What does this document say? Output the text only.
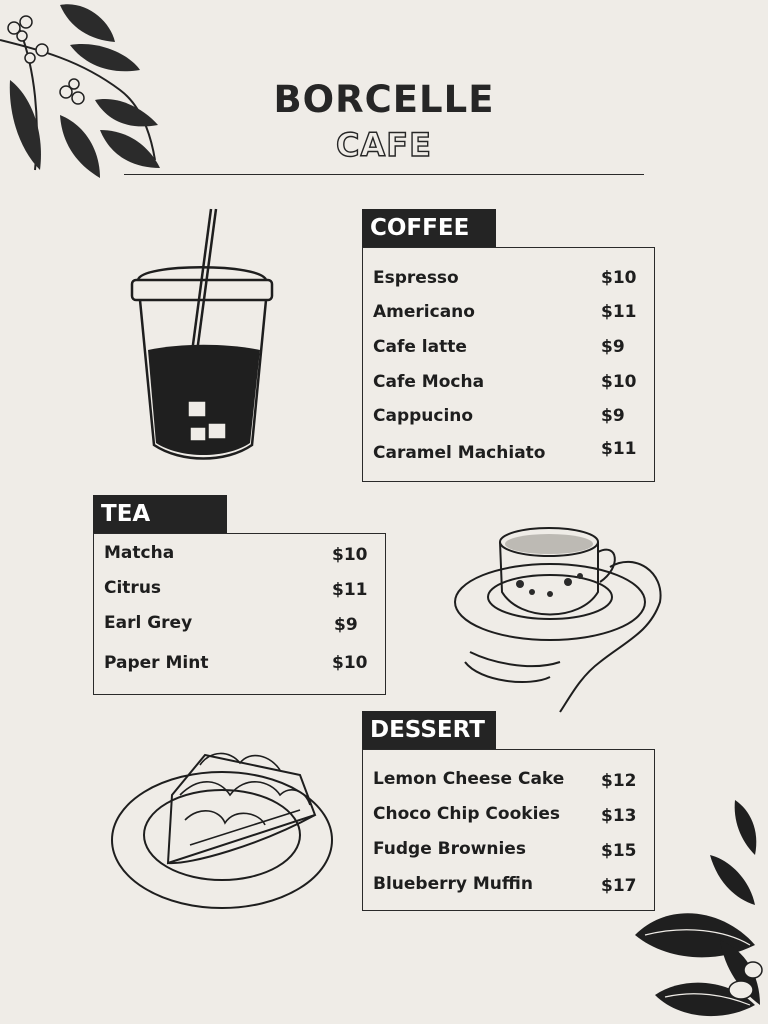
BORCELLE
CAFE
COFFEE
Espresso	$10
Americano	$11
Cafe latte	$9
Cafe Mocha	$10
Cappucino	$9
Caramel Machiato	$11
TEA
Matcha	$10
Citrus	$11
Earl Grey	$9
Paper Mint	$10
DESSERT
Lemon Cheese Cake $12
Choco Chip Cookies $13
Fudge Brownies	$15
Blueberry Muffin	$17
